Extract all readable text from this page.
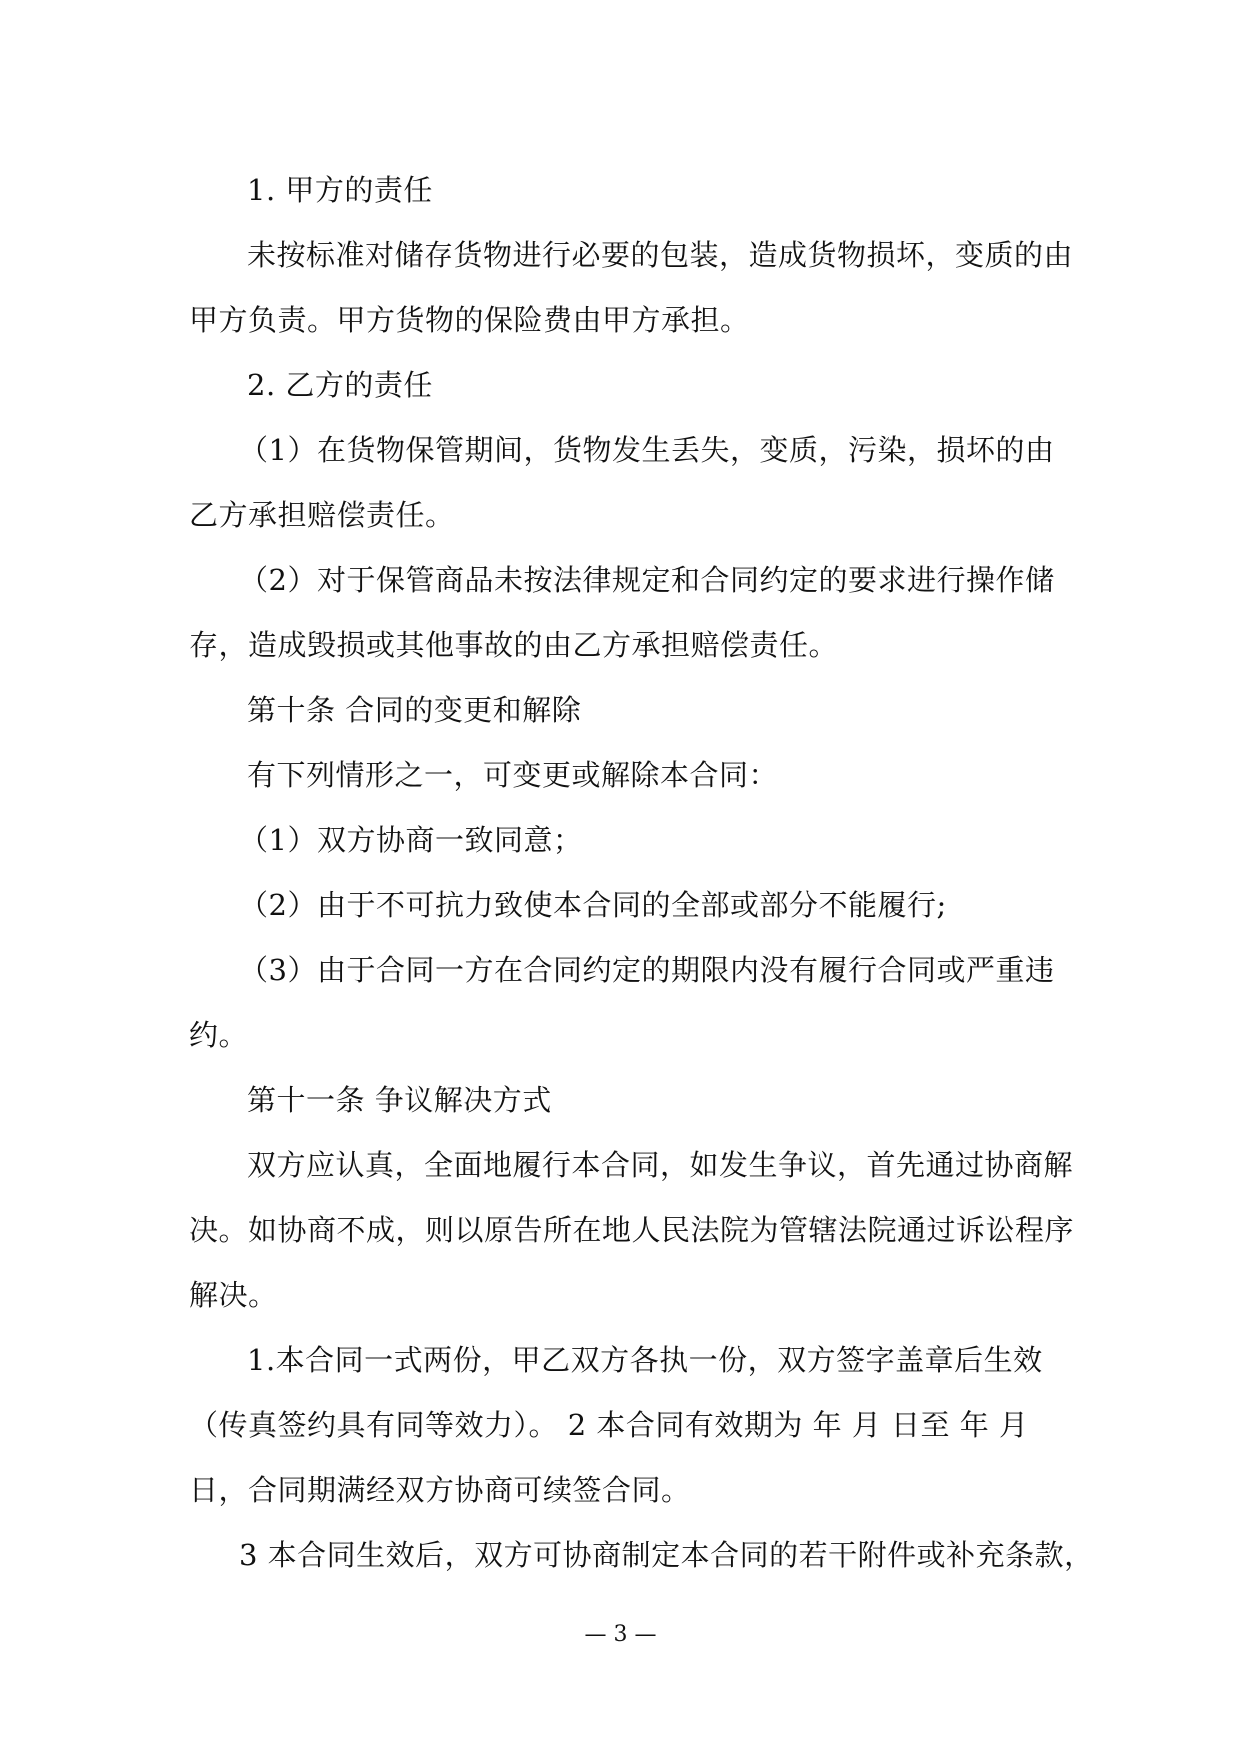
1. 甲方的责任
未按标准对储存货物进行必要的包装，造成货物损坏，变质的由
甲方负责。甲方货物的保险费由甲方承担。
2. 乙方的责任
（1）在货物保管期间，货物发生丢失，变质，污染，损坏的由
乙方承担赔偿责任。
（2）对于保管商品未按法律规定和合同约定的要求进行操作储
存，造成毁损或其他事故的由乙方承担赔偿责任。
第十条 合同的变更和解除
有下列情形之一，可变更或解除本合同：
（1）双方协商一致同意；
（2）由于不可抗力致使本合同的全部或部分不能履行;
（3）由于合同一方在合同约定的期限内没有履行合同或严重违
约。
第十一条 争议解决方式
双方应认真，全面地履行本合同，如发生争议，首先通过协商解
决。如协商不成，则以原告所在地人民法院为管辖法院通过诉讼程序
解决。
1.本合同一式两份，甲乙双方各执一份，双方签字盖章后生效
（传真签约具有同等效力）。 2 本合同有效期为 年 月 日至 年 月
日，合同期满经双方协商可续签合同。
3 本合同生效后，双方可协商制定本合同的若干附件或补充条款，
— 3 —
